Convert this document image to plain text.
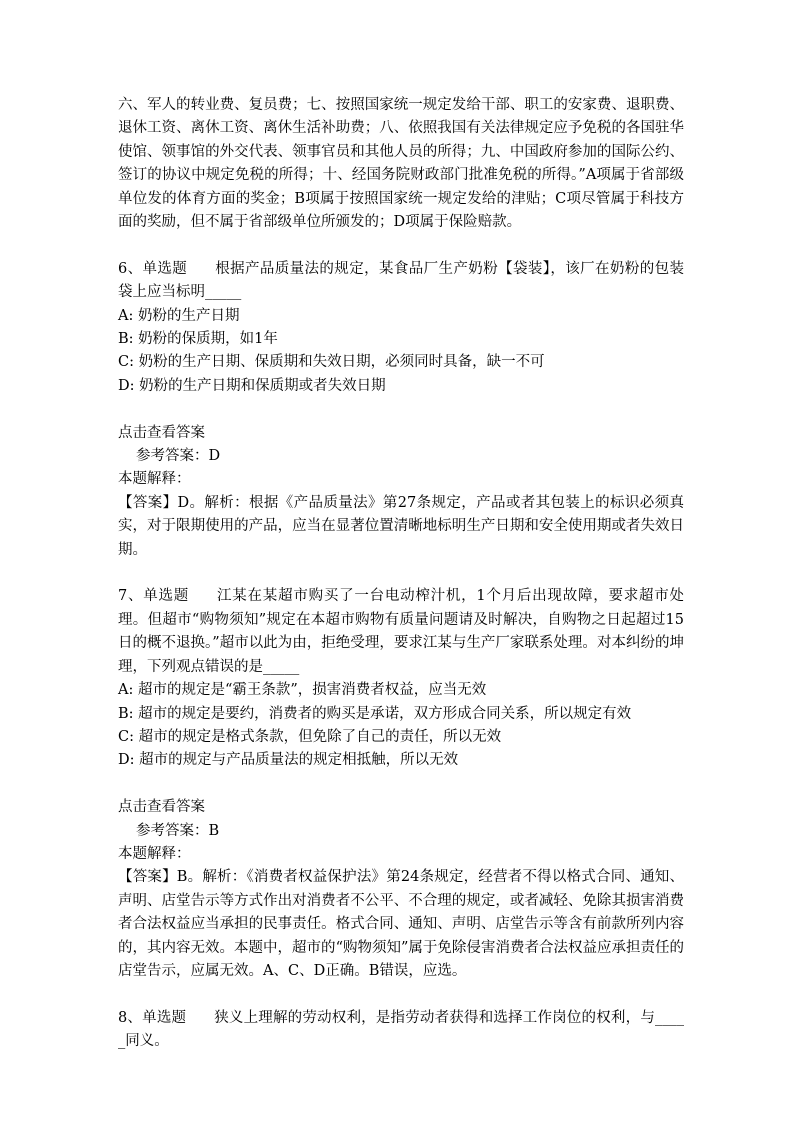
六、军人的转业费、复员费；七、按照国家统一规定发给干部、职工的安家费、退职费、退休工资、离休工资、离休生活补助费；八、依照我国有关法律规定应予免税的各国驻华使馆、领事馆的外交代表、领事官员和其他人员的所得；九、中国政府参加的国际公约、签订的协议中规定免税的所得；十、经国务院财政部门批准免税的所得。”A项属于省部级单位发的体育方面的奖金；B项属于按照国家统一规定发给的津贴；C项尽管属于科技方面的奖励，但不属于省部级单位所颁发的；D项属于保险赔款。

6、单选题 根据产品质量法的规定，某食品厂生产奶粉【袋装】，该厂在奶粉的包装袋上应当标明_____

A: 奶粉的生产日期

B: 奶粉的保质期，如1年

C: 奶粉的生产日期、保质期和失效日期，必须同时具备，缺一不可

D: 奶粉的生产日期和保质期或者失效日期

点击查看答案

参考答案：D

本题解释：

【答案】D。解析：根据《产品质量法》第27条规定，产品或者其包装上的标识必须真实，对于限期使用的产品，应当在显著位置清晰地标明生产日期和安全使用期或者失效日期。

7、单选题 江某在某超市购买了一台电动榨汁机，1个月后出现故障，要求超市处理。但超市“购物须知”规定在本超市购物有质量问题请及时解决，自购物之日起超过15日的概不退换。”超市以此为由，拒绝受理，要求江某与生产厂家联系处理。对本纠纷的坤理，下列观点错误的是_____

A: 超市的规定是“霸王条款”，损害消费者权益，应当无效

B: 超市的规定是要约，消费者的购买是承诺，双方形成合同关系，所以规定有效

C: 超市的规定是格式条款，但免除了自己的责任，所以无效

D: 超市的规定与产品质量法的规定相抵触，所以无效

点击查看答案

参考答案：B

本题解释：

【答案】B。解析：《消费者权益保护法》第24条规定，经营者不得以格式合同、通知、声明、店堂告示等方式作出对消费者不公平、不合理的规定，或者减轻、免除其损害消费者合法权益应当承担的民事责任。格式合同、通知、声明、店堂告示等含有前款所列内容的，其内容无效。本题中，超市的“购物须知”属于免除侵害消费者合法权益应承担责任的店堂告示，应属无效。A、C、D正确。B错误，应选。

8、单选题 狭义上理解的劳动权利，是指劳动者获得和选择工作岗位的权利，与_____同义。
